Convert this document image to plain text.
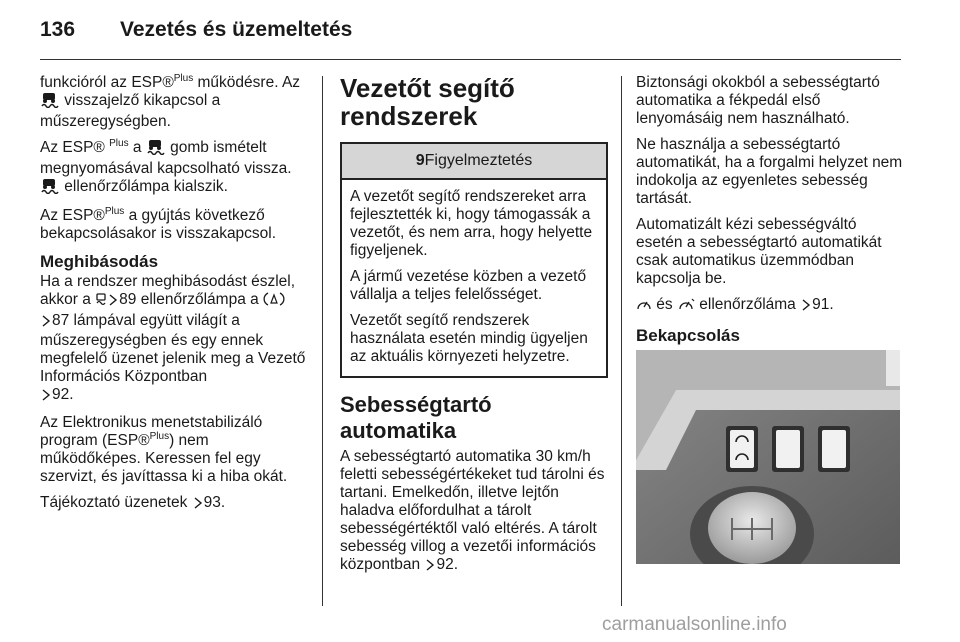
136 Vezetés és üzemeltetés

funkcióról az ESP®$^{Plus}$ működésre. Az  visszajelző kikapcsol a műszeregységben.

Az ESP® $^{Plus}$ a  gomb ismételt megnyomásával kapcsolható vissza.  ellenőrzőlámpa kialszik.

Az ESP®$^{Plus}$ a gyújtás következő bekapcsolásakor is visszakapcsol.

Meghibásodás

Ha a rendszer meghibásodást észlel, akkor a 89 ellenőrzőlámpa a
87 lámpával együtt világít a műszeregységben és egy ennek megfelelő üzenet jelenik meg a Vezető Információs Központban
92.

Az Elektronikus menetstabilizáló program (ESP®$^{Plus}$) nem működőképes. Keressen fel egy szervizt, és javíttassa ki a hiba okát.

Tájékoztató üzenetek 93.

Vezetőt segítő rendszerek
9Figyelmeztetés

A vezetőt segítő rendszereket arra fejlesztették ki, hogy támogassák a vezetőt, és nem arra, hogy helyette figyeljenek.

A jármű vezetése közben a vezető vállalja a teljes felelősséget.

Vezetőt segítő rendszerek használata esetén mindig ügyeljen az aktuális környezeti helyzetre.

Sebességtartó automatika

A sebességtartó automatika 30 km/h feletti sebességértékeket tud tárolni és tartani. Emelkedőn, illetve lejtőn haladva előfordulhat a tárolt sebességértéktől való eltérés. A tárolt sebesség villog a vezetői információs központban 92.

Biztonsági okokból a sebességtartó automatika a fékpedál első lenyomásáig nem használható.

Ne használja a sebességtartó automatikát, ha a forgalmi helyzet nem indokolja az egyenletes sebesség tartását.

Automatizált kézi sebességváltó esetén a sebességtartó automatikát csak automatikus üzemmódban kapcsolja be.

és  ellenőrzőláma 91.

Bekapcsolás
carmanualsonline.info
